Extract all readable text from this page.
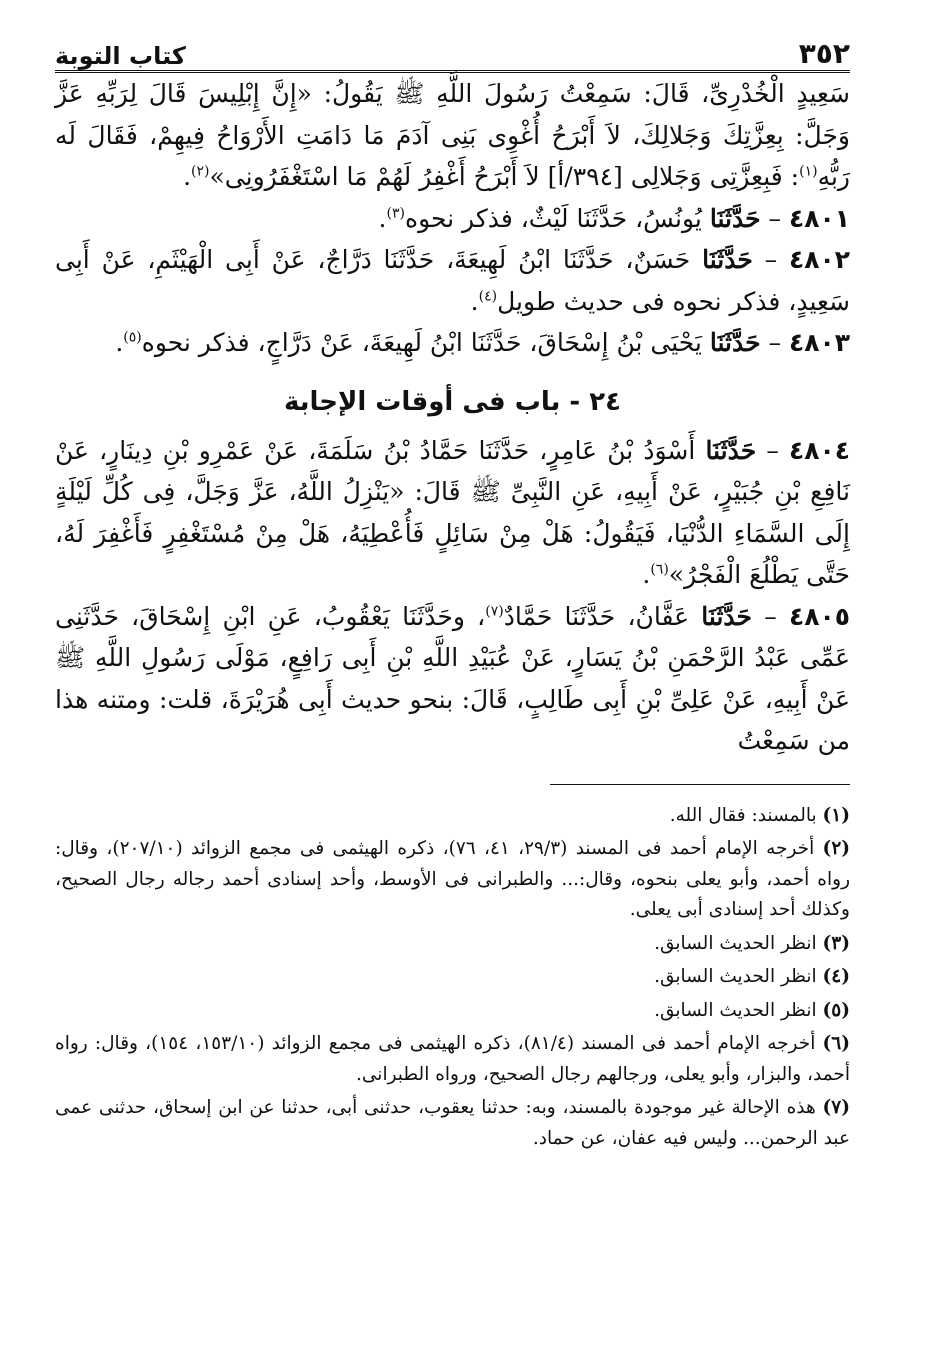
٣٥٢
كتاب التوبة

سَعِيدٍ الْخُدْرِىِّ، قَالَ: سَمِعْتُ رَسُولَ اللَّهِ ﷺ يَقُولُ: «إِنَّ إِبْلِيسَ قَالَ لِرَبِّهِ عَزَّ وَجَلَّ: بِعِزَّتِكَ وَجَلالِكَ، لاَ أَبْرَحُ أُغْوِى بَنِى آدَمَ مَا دَامَتِ الأَرْوَاحُ فِيهِمْ، فَقَالَ لَه رَبُّهِ$^{(١)}$: فَبِعِزَّتِى وَجَلالِى [٣٩٤/أ] لاَ أَبْرَحُ أَغْفِرُ لَهُمْ مَا اسْتَغْفَرُونِى»$^{(٢)}$.

٤٨٠١ – حَدَّثَنَا يُونُسُ، حَدَّثَنَا لَيْثٌ، فذكر نحوه$^{(٣)}$.

٤٨٠٢ – حَدَّثَنَا حَسَنٌ، حَدَّثَنَا ابْنُ لَهِيعَةَ، حَدَّثَنَا دَرَّاجٌ، عَنْ أَبِى الْهَيْثَمِ، عَنْ أَبِى سَعِيدٍ، فذكر نحوه فى حديث طويل$^{(٤)}$.

٤٨٠٣ – حَدَّثَنَا يَحْيَى بْنُ إِسْحَاقَ، حَدَّثَنَا ابْنُ لَهِيعَةَ، عَنْ دَرَّاجٍ، فذكر نحوه$^{(٥)}$.

٢٤ - باب فى أوقات الإجابة

٤٨٠٤ – حَدَّثَنَا أَسْوَدُ بْنُ عَامِرٍ، حَدَّثَنَا حَمَّادُ بْنُ سَلَمَةَ، عَنْ عَمْرِو بْنِ دِينَارٍ، عَنْ نَافِعِ بْنِ جُبَيْرٍ، عَنْ أَبِيهِ، عَنِ النَّبِىِّ ﷺ قَالَ: «يَنْزِلُ اللَّهُ، عَزَّ وَجَلَّ، فِى كُلِّ لَيْلَةٍ إِلَى السَّمَاءِ الدُّنْيَا، فَيَقُولُ: هَلْ مِنْ سَائِلٍ فَأُعْطِيَهُ، هَلْ مِنْ مُسْتَغْفِرٍ فَأَغْفِرَ لَهُ، حَتَّى يَطْلُعَ الْفَجْرُ»$^{(٦)}$.

٤٨٠٥ – حَدَّثَنَا عَفَّانُ، حَدَّثَنَا حَمَّادٌ$^{(٧)}$، وحَدَّثَنَا يَعْقُوبُ، عَنِ ابْنِ إِسْحَاقَ، حَدَّثَنِى عَمِّى عَبْدُ الرَّحْمَنِ بْنُ يَسَارٍ، عَنْ عُبَيْدِ اللَّهِ بْنِ أَبِى رَافِعٍ، مَوْلَى رَسُولِ اللَّهِ ﷺ عَنْ أَبِيهِ، عَنْ عَلِىِّ بْنِ أَبِى طَالِبٍ، قَالَ: بنحو حديث أَبِى هُرَيْرَةَ، قلت: ومتنه هذا من سَمِعْتُ

(١) بالمسند: فقال الله.

(٢) أخرجه الإمام أحمد فى المسند (٢٩/٣، ٤١، ٧٦)، ذكره الهيثمى فى مجمع الزوائد (٢٠٧/١٠)، وقال: رواه أحمد، وأبو يعلى بنحوه، وقال:... والطبرانى فى الأوسط، وأحد إسنادى أحمد رجاله رجال الصحيح، وكذلك أحد إسنادى أبى يعلى.

(٣) انظر الحديث السابق.

(٤) انظر الحديث السابق.

(٥) انظر الحديث السابق.

(٦) أخرجه الإمام أحمد فى المسند (٨١/٤)، ذكره الهيثمى فى مجمع الزوائد (١٥٣/١٠، ١٥٤)، وقال: رواه أحمد، والبزار، وأبو يعلى، ورجالهم رجال الصحيح، ورواه الطبرانى.

(٧) هذه الإحالة غير موجودة بالمسند، وبه: حدثنا يعقوب، حدثنى أبى، حدثنا عن ابن إسحاق، حدثنى عمى عبد الرحمن... وليس فيه عفان، عن حماد.
